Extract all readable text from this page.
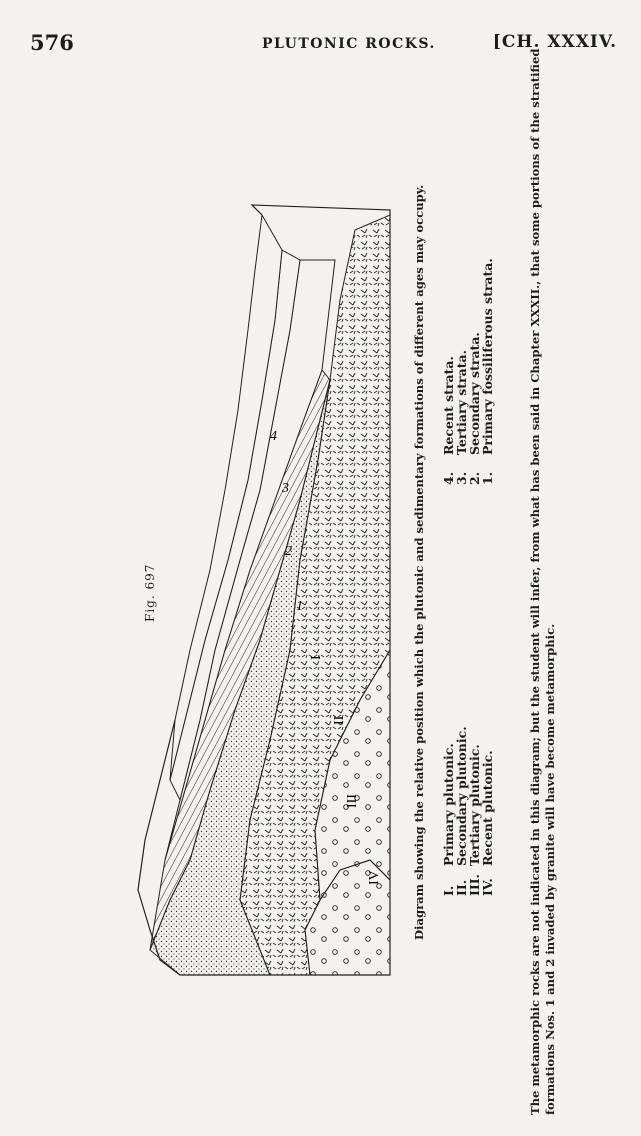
576	PLUTONIC ROCKS.	[CH. XXXIV.
4
3
2
1
I
II
III
IV
Fig. 697	Diagram showing the relative position which the plutonic and sedimentary formations of different ages may occupy. I.Primary plutonic.
II.Secondary plutonic.
III.Tertiary plutonic.
IV.Recent plutonic.
4.Recent strata.
3.Tertiary strata.
2.Secondary strata.
1.Primary fossiliferous strata.	The metamorphic rocks are not indicated in this diagram; but the student will infer, from what has been said in Chapter XXXII., that some portions of the stratified formations Nos. 1 and 2 invaded by granite will have become metamorphic.
